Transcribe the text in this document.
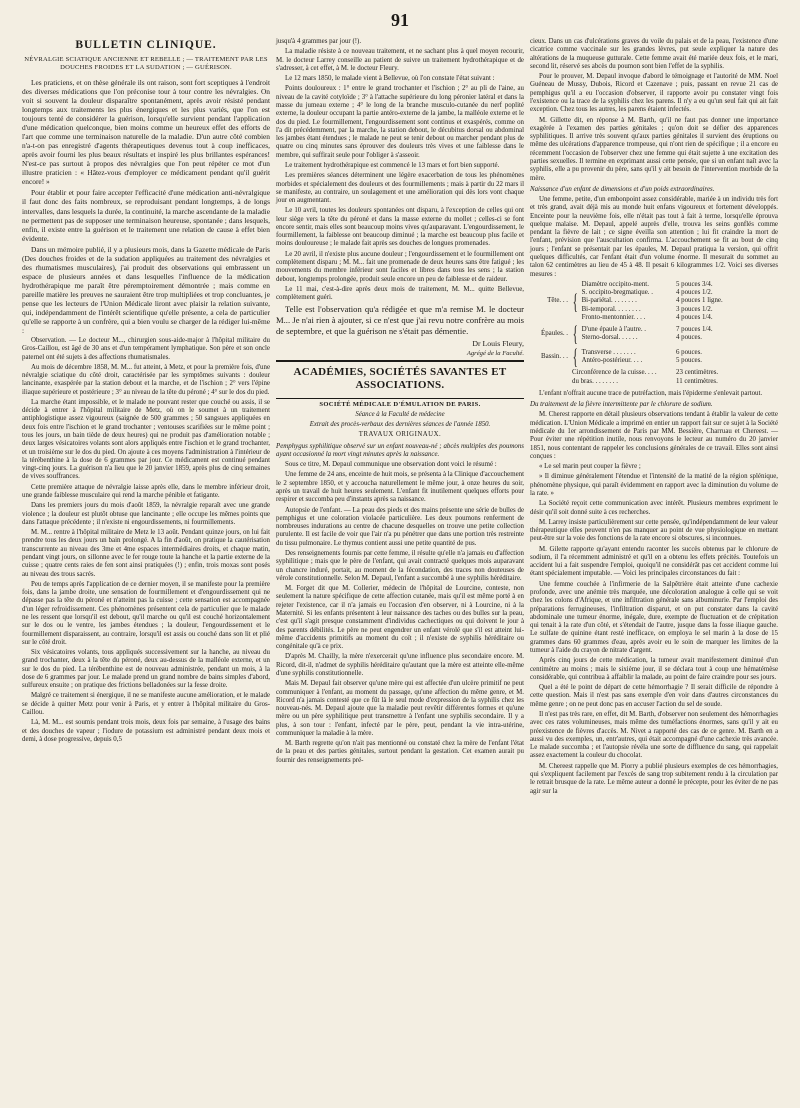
91
BULLETIN CLINIQUE.

NÉVRALGIE SCIATIQUE ANCIENNE ET REBELLE ; — TRAITEMENT PAR LES DOUCHES FROIDES ET LA SUDATION ; — GUÉRISON.

Les praticiens, et on thèse générale ils ont raison, sont fort sceptiques à l'endroit des diverses médications que l'on préconise tour à tour contre les névralgies. On voit si souvent la douleur disparaître spontanément, après avoir résisté pendant longtemps aux traitements les plus énergiques et les plus variés, que l'on est toujours tenté de considérer la guérison, lorsqu'elle survient pendant l'application d'une médication quelconque, bien moins comme un heureux effet des efforts de l'art que comme une terminaison naturelle de la maladie. D'un autre côté combien n'a-t-on pas enregistré d'agents thérapeutiques devenus tout à coup inefficaces, après avoir fourni les plus beaux résultats et inspiré les plus brillantes espérances! N'est-ce pas surtout à propos des névralgies que l'on peut répéter ce mot d'un illustre praticien : « Hâtez-vous d'employer ce médicament pendant qu'il guérit encore! »

Pour établir et pour faire accepter l'efficacité d'une médication anti-névralgique il faut donc des faits nombreux, se reproduisant pendant longtemps, à de longs intervalles, dans lesquels la durée, la continuité, la marche ascendante de la maladie ne permettent pas de supposer une terminaison heureuse, spontanée ; dans lesquels, enfin, il existe entre la guérison et le traitement une relation de cause à effet bien évidente.

Dans un mémoire publié, il y a plusieurs mois, dans la Gazette médicale de Paris (Des douches froides et de la sudation appliquées au traitement des névralgies et des rhumatismes musculaires), j'ai produit des observations qui embrassent un espace de plusieurs années et dans lesquelles l'influence de la médication hydrothérapique me paraît être péremptoirement démontrée ; mais comme en pareille matière les preuves ne sauraient être trop multipliées et trop concluantes, je pense que les lecteurs de l'Union Médicale liront avec plaisir la relation suivante, qui, indépendamment de l'intérêt scientifique qu'elle présente, a cela de particulier qu'elle se rapporte à un confrère, qui a bien voulu se charger de la rédiger lui-même :

Observation. — Le docteur M..., chirurgien sous-aide-major à l'hôpital militaire du Gros-Caillou, est âgé de 30 ans et d'un tempérament lymphatique. Son père et son oncle paternel ont été sujets à des affections rhumatismales.

Au mois de décembre 1858, M. M... fut atteint, à Metz, et pour la première fois, d'une névralgie sciatique du côté droit, caractérisée par les symptômes suivants : douleur lancinante, exaspérée par la station debout et la marche, et de l'ischion ; 2° vers l'épine iliaque supérieure et postérieure ; 3° au niveau de la tête du péroné ; 4° sur le dos du pied.

La marche étant impossible, et le malade ne pouvant rester que couché ou assis, il se décide à entrer à l'hôpital militaire de Metz, où on le soumet à un traitement antiphlogistique assez vigoureux (saignée de 500 grammes ; 50 sangsues appliquées en deux fois entre l'ischion et le grand trochanter ; ventouses scarifiées sur le même point ; tous les jours, un bain tiède de deux heures) qui ne produit pas d'amélioration notable ; deux larges vésicatoires volants sont alors appliqués entre l'ischion et le grand trochanter, et un troisième sur le dos du pied. On ajoute à ces moyens l'administration à l'intérieur de la térébenthine à la dose de 6 grammes par jour. Ce médicament est continué pendant vingt-cinq jours. La guérison n'a lieu que le 20 janvier 1859, après plus de cinq semaines de vives souffrances.

Cette première attaque de névralgie laisse après elle, dans le membre inférieur droit, une grande faiblesse musculaire qui rend la marche pénible et fatigante.

Dans les premiers jours du mois d'août 1859, la névralgie reparaît avec une grande violence ; la douleur est plutôt obtuse que lancinante ; elle occupe les mêmes points que dans l'attaque précédente ; il n'existe ni engourdissements, ni fourmillements.

M. M... rentre à l'hôpital militaire de Metz le 13 août. Pendant quinze jours, on lui fait prendre tous les deux jours un bain prolongé. A la fin d'août, on pratique la cautérisation transcurrente au niveau des 3me et 4me espaces intermédiaires droits, et chaque matin, pendant vingt jours, on sillonne avec le fer rouge toute la hanche et la partie externe de la cuisse ; quatre cents raies de fen sont ainsi pratiquées (!) ; enfin, trois moxas sont posés au niveau des trous sacrés.

Peu de temps après l'application de ce dernier moyen, il se manifeste pour la première fois, dans la jambe droite, une sensation de fourmillement et d'engourdissement qui ne dépasse pas la tête du péroné et n'atteint pas la cuisse ; cette sensation est accompagnée d'un léger refroidissement. Ces phénomènes présentent cela de particulier que le malade ne les ressent que lorsqu'il est debout, qu'il marche ou qu'il est couché horizontalement sur le dos ou le ventre, les jambes étendues ; la douleur, l'engourdissement et le fourmillement disparaissent, au contraire, lorsqu'il est assis ou couché dans son lit et plié sur le côté droit.

Six vésicatoires volants, tous appliqués successivement sur la hanche, au niveau du grand trochanter, deux à la tête du péroné, deux au-dessus de la malléole externe, et un sur le dos du pied. La térébenthine est de nouveau administrée, pendant un mois, à la dose de 6 grammes par jour. Le malade prend un grand nombre de bains simples d'abord, sulfureux ensuite ; on pratique des frictions belladonées sur la fesse droite.

Malgré ce traitement si énergique, il ne se manifeste aucune amélioration, et le malade se décide à quitter Metz pour venir à Paris, et y entrer à l'hôpital militaire du Gros-Caillou.

Là, M. M... est soumis pendant trois mois, deux fois par semaine, à l'usage des bains et des douches de vapeur ; l'iodure de potassium est administré pendant deux mois et demi, à dose progressive, depuis 0,5

jusqu'à 4 grammes par jour (!).

La maladie résiste à ce nouveau traitement, et ne sachant plus à quel moyen recourir, M. le docteur Larrey conseille au patient de suivre un traitement hydrothérapique et de s'adresser, à cet effet, à M. le docteur Fleury.

Le 12 mars 1850, le malade vient à Bellevue, où l'on constate l'état suivant :

Points douloureux : 1° entre le grand trochanter et l'ischion ; 2° au pli de l'aine, au niveau de la cavité cotyloïde ; 3° à l'attache supérieure du long péronier latéral et dans la masse du jumeau externe ; 4° le long de la branche musculo-cutanée du nerf poplité externe, la douleur occupant la partie antéro-externe de la jambe, la malléole externe et le dos du pied. Le fourmillement, l'engourdissement sont continus et exaspérés, comme on l'a dit précédemment, par la marche, la station debout, le décubitus dorsal ou abdominal les jambes étant étendues ; le malade ne peut se tenir debout ou marcher pendant plus de quatre ou cinq minutes sans éprouver des douleurs très vives et une faiblesse dans le membre, qui suffirait seule pour l'obliger à s'asseoir.

Le traitement hydrothérapique est commencé le 13 mars et fort bien supporté.

Les premières séances déterminent une légère exacerbation de tous les phénomènes morbides et spécialement des douleurs et des fourmillements ; mais à partir du 22 mars il se manifeste, au contraire, un soulagement et une amélioration qui dès lors vont chaque jour en augmentant.

Le 10 avril, toutes les douleurs spontanées ont disparu, à l'exception de celles qui ont leur siège vers la tête du péroné et dans la masse externe du mollet ; celles-ci se font encore sentir, mais elles sont beaucoup moins vives qu'auparavant. L'engourdissement, le fourmillement, la faiblesse ont beaucoup diminué ; la marche est beaucoup plus facile et moins douloureuse ; le malade fait après ses douches de longues promenades.

Le 20 avril, il n'existe plus aucune douleur ; l'engourdissement et le fourmillement ont complètement disparu ; M. M... fait une promenade de deux heures sans être fatigué ; les mouvements du membre inférieur sont faciles et libres dans tous les sens ; la station debout, longtemps prolongée, produit seule encore un peu de faiblesse et de raideur.

Le 11 mai, c'est-à-dire après deux mois de traitement, M. M... quitte Bellevue, complètement guéri.

Telle est l'observation qu'a rédigée et que m'a remise M. le docteur M... Je n'ai rien à ajouter, si ce n'est que j'ai revu notre confrère au mois de septembre, et que la guérison ne s'était pas démentie.

Dr Louis Fleury,

Agrégé de la Faculté.

ACADÉMIES, SOCIÉTÉS SAVANTES ET ASSOCIATIONS.

SOCIÉTÉ MÉDICALE D'ÉMULATION DE PARIS.

Séance à la Faculté de médecine

Extrait des procès-verbaux des dernières séances de l'année 1850.

TRAVAUX ORIGINAUX.

Pemphygus syphilitique observé sur un enfant nouveau-né ; abcès multiples des poumons ayant occasionné la mort vingt minutes après la naissance.

Sous ce titre, M. Depaul communique une observation dont voici le résumé :

Une femme de 24 ans, enceinte de huit mois, se présenta à la Clinique d'accouchement le 2 septembre 1850, et y accoucha naturellement le même jour, à onze heures du soir, après un travail de huit heures seulement. L'enfant fit inutilement quelques efforts pour respirer et succomba peu d'instants après sa naissance.

Autopsie de l'enfant. — La peau des pieds et des mains présente une série de bulles de pemphigus et une coloration violacée particulière. Les deux poumons renferment de nombreuses indurations au centre de chacune desquelles on trouve une petite collection purulente. Il est facile de voir que l'air n'a pu pénétrer que dans une portion très restreinte du tissu pulmonaire. Le thymus contient aussi une petite quantité de pus.

Des renseignements fournis par cette femme, il résulte qu'elle n'a jamais eu d'affection syphilitique ; mais que le père de l'enfant, qui avait contracté quelques mois auparavant un chancre induré, portait, au moment de la fécondation, des traces non douteuses de vérole constitutionnelle. Selon M. Depaul, l'enfant a succombé à une syphilis héréditaire.

M. Forget dit que M. Collerier, médecin de l'hôpital de Lourcine, conteste, non seulement la nature spécifique de cette affection cutanée, mais qu'il est même porté à en rejeter l'existence, car il n'a jamais eu l'occasion d'en observer, ni à Lourcine, ni à la Maternité. Si les enfants présentent à leur naissance des taches ou des bulles sur la peau, c'est qu'il s'agit presque constamment d'individus cachectiques ou qui doivent le jour à des parents débilités. Le père ne peut engendrer un enfant vérolé que s'il est atteint lui-même d'accidents primitifs au moment du coït ; il n'existe de syphilis héréditaire ou congénitale qu'à ce prix.

D'après M. Chailly, la mère n'exercerait qu'une influence plus secondaire encore. M. Ricord, dit-il, n'admet de syphilis héréditaire qu'autant que la mère est atteinte elle-même d'une syphilis constitutionnelle.

Mais M. Depaul fait observer qu'une mère qui est affectée d'un ulcère primitif ne peut communiquer à l'enfant, au moment du passage, qu'une affection du même genre, et M. Ricord n'a jamais contesté que ce fût là le seul mode d'expression de la syphilis chez les nouveau-nés. M. Depaul ajoute que la maladie peut revêtir différentes formes et qu'une mère ou un père syphilitique peut transmettre à l'enfant une syphilis secondaire. Il y a plus, à son tour : l'enfant, infecté par le père, peut, pendant la vie intra-utérine, communiquer la maladie à la mère.

M. Barth regrette qu'on n'ait pas mentionné ou constaté chez la mère de l'enfant l'état de la peau et des parties génitales, surtout pendant la gestation. Cet examen aurait pu fournir des renseignements pré-

cieux. Dans un cas d'ulcérations graves du voile du palais et de la peau, l'existence d'une cicatrice comme vaccinale sur les grandes lèvres, put seule expliquer la nature des altérations de la muqueuse gutturale. Cette femme avait été mariée deux fois, et le mari, second lit, réservé ses abcès du poumon sont bien l'effet de la syphilis.

Pour le prouver, M. Depaul invoque d'abord le témoignage et l'autorité de MM. Noel Guéneau de Mussy, Dubois, Ricord et Cazenave ; puis, passant en revue 21 cas de pemphigus qu'il a eu l'occasion d'observer, il rapporte avoir pu constater vingt fois l'existence ou la trace de la syphilis chez les parens. Il n'y a eu qu'un seul fait qui ait fait exception. Chez tous les autres, les parens étaient infectés.

M. Gillette dit, en réponse à M. Barth, qu'il ne faut pas donner une importance exagérée à l'examen des parties génitales ; qu'on doit se défier des apparences syphilitiques. Il arrive très souvent qu'aux parties génitales il survient des éruptions ou même des ulcérations d'apparence trompeuse, qui n'ont rien de spécifique ; il a encore eu récemment l'occasion de l'observer chez une femme qui était sujette à une excitation des parties sexuelles. Il termine en exprimant aussi cette pensée, que si un enfant naît avec la syphilis, elle a pu provenir du père, sans qu'il y ait besoin de l'intervention morbide de la mère.

Naissance d'un enfant de dimensions et d'un poids extraordinaires.

Une femme, petite, d'un embonpoint assez considérable, mariée à un individu très fort et très grand, avait déjà mis au monde huit enfans vigoureux et fortement développés. Enceinte pour la neuvième fois, elle n'était pas tout à fait à terme, lorsqu'elle éprouva quelque malaise. M. Depaul, appelé auprès d'elle, trouva les seins gonflés comme pendant la fièvre de lait ; ce signe éveilla son attention ; lui fit craindre la mort de l'enfant, prévision que l'auscultation confirma. L'accouchement se fit au bout de cinq jours ; l'enfant se présentait par les épaules, M. Depaul pratiqua la version, qui offrit quelques difficultés, car l'enfant était d'un volume énorme. Il mesurait du sommet au talon 62 centimètres au lieu de 45 à 48. Il pesait 6 kilogrammes 1/2. Voici ses diverses mesures :

Tête. . . {
Diamètre occipito-ment.	5 pouces 3/4.
S. occipito-bregmatique. .	4 pouces 1/2.
Bi-pariétal. . . . . . . .	4 pouces 1 ligne.
Bi-temporal. . . . . . . .	3 pouces 1/2.
Fronto-mentonnier. . . .	4 pouces 1/4.
Épaules. . { D'une épaule à l'autre. .	7 pouces 1/4.
Sterno-dorsal. . . . . .	4 pouces.
Bassin. . . { Transverse . . . . . . .	6 pouces.
Antéro-postérieur. . . .	5 pouces.
Circonférence de la cuisse. . . .	23 centimètres.
du bras. . . . . . . .	11 centimètres.

L'enfant n'offrait aucune trace de putréfaction, mais l'épiderme s'enlevait partout.

Du traitement de la fièvre intermittente par le chlorure de sodium.

M. Cherest rapporte en détail plusieurs observations tendant à établir la valeur de cette médication. L'Union Médicale a imprimé en entier un rapport fait sur ce sujet à la Société médicale du 1er arrondissement de Paris par MM. Bessière, Charruau et Chereest. — Pour éviter une répétition inutile, nous renvoyons le lecteur au numéro du 20 janvier 1851, nous contentant de rappeler les conclusions générales de ce travail. Elles sont ainsi conçues :

« Le sel marin peut couper la fièvre ;

» Il diminue généralement l'étendue et l'intensité de la matité de la région splénique, phénomène physique, qui paraît évidemment en rapport avec la diminution du volume de la rate. »

La Société reçoit cette communication avec intérêt. Plusieurs membres expriment le désir qu'il soit donné suite à ces recherches.

M. Larrey insiste particulièrement sur cette pensée, qu'indépendamment de leur valeur thérapeutique elles peuvent n'en pas manquer au point de vue physiologique en mettant peut-être sur la voie des fonctions de la rate encore si obscures, si inconnues.

M. Gilette rapporte qu'ayant entendu raconter les succès obtenus par le chlorure de sodium, il l'a récemment administré et qu'il en a obtenu les effets précités. Toutefois un accident lui a fait suspendre l'emploi, quoiqu'il ne considérât pas cet accident comme lui étant spécialement imputable. — Voici les principales circonstances du fait :

Une femme couchée à l'infirmerie de la Salpêtrière était atteinte d'une cachexie profonde, avec une anémie très marquée, une décoloration analogue à celle qui se voit chez les colons d'Afrique, et une infiltration générale sans albuminurie. Par l'emploi des préparations ferrugineuses, l'infiltration disparut, et on put constater dans la cavité abdominale une tumeur énorme, inégale, dure, exempte de fluctuation et de crépitation qui tenait à la rate d'un côté, et s'étendait de l'autre, jusque dans la fosse iliaque gauche. Le sulfate de quinine étant resté inefficace, on employa le sel marin à la dose de 15 grammes dans 60 grammes d'eau, après avoir eu le soin de marquer les limites de la tumeur à l'aide du crayon de nitrate d'argent.

Après cinq jours de cette médication, la tumeur avait manifestement diminué d'un centimètre au moins ; mais le sixième jour, il se déclara tout à coup une hématémèse considérable, qui contribua à affaiblir la malade, au point de faire craindre pour ses jours.

Quel a été le point de départ de cette hémorrhagie ? Il serait difficile de répondre à cette question. Mais il n'est pas sans exemple d'en voir dans d'autres circonstances du même genre ; on ne peut donc pas en accuser l'action du sel de soude.

Il n'est pas très rare, en effet, dit M. Barth, d'observer non seulement des hémorrhagies avec ces rates volumineuses, mais même des tuméfactions énormes, sans qu'il y ait eu préexistence de fièvres d'accès. M. Nivet a rapporté des cas de ce genre. M. Barth en a aussi vu des exemples, un, entr'autres, qui était accompagné d'une cachexie très avancée. Le malade succomba ; et l'autopsie révéla une sorte de diffluence du sang, qui rappelait assez exactement la couleur du chocolat.

M. Chereest rappelle que M. Piorry a publié plusieurs exemples de ces hémorrhagies, qui s'expliquent facilement par l'excès de sang trop subitement rendu à la circulation par le retrait brusque de la rate. Le même auteur a donné le précepte, pour les éviter de ne pas agir sur la
